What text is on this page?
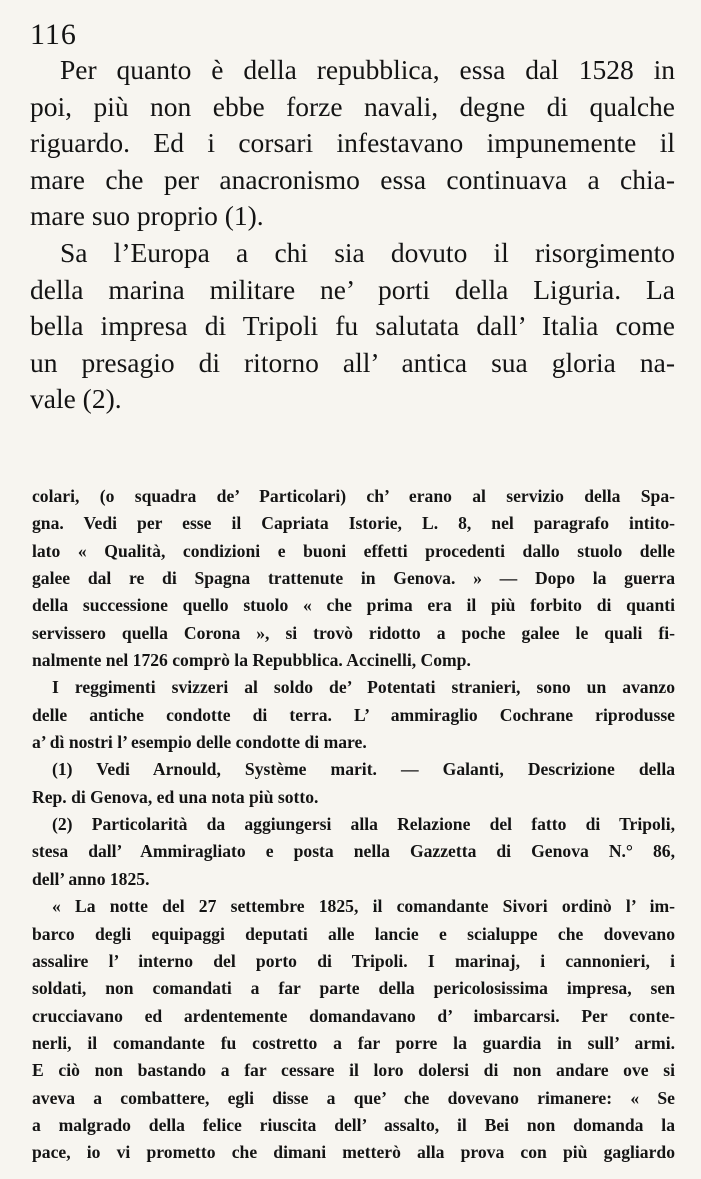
116
Per quanto è della repubblica, essa dal 1528 in
poi, più non ebbe forze navali, degne di qualche
riguardo. Ed i corsari infestavano impunemente il
mare che per anacronismo essa continuava a chia-
mare suo proprio (1).
Sa l’Europa a chi sia dovuto il risorgimento
della marina militare ne’ porti della Liguria. La
bella impresa di Tripoli fu salutata dall’ Italia come
un presagio di ritorno all’ antica sua gloria na-
vale (2).
colari, (o squadra de’ Particolari) ch’ erano al servizio della Spa-
gna. Vedi per esse il Capriata Istorie, L. 8, nel paragrafo intito-
lato « Qualità, condizioni e buoni effetti procedenti dallo stuolo delle
galee dal re di Spagna trattenute in Genova. » — Dopo la guerra
della successione quello stuolo « che prima era il più forbito di quanti
servissero quella Corona », si trovò ridotto a poche galee le quali fi-
nalmente nel 1726 comprò la Repubblica. Accinelli, Comp.
I reggimenti svizzeri al soldo de’ Potentati stranieri, sono un avanzo
delle antiche condotte di terra. L’ ammiraglio Cochrane riprodusse
a’ dì nostri l’ esempio delle condotte di mare.
(1) Vedi Arnould, Système marit. — Galanti, Descrizione della
Rep. di Genova, ed una nota più sotto.
(2) Particolarità da aggiungersi alla Relazione del fatto di Tripoli,
stesa dall’ Ammiragliato e posta nella Gazzetta di Genova N.° 86,
dell’ anno 1825.
« La notte del 27 settembre 1825, il comandante Sivori ordinò l’ im-
barco degli equipaggi deputati alle lancie e scialuppe che dovevano
assalire l’ interno del porto di Tripoli. I marinaj, i cannonieri, i
soldati, non comandati a far parte della pericolosissima impresa, sen
crucciavano ed ardentemente domandavano d’ imbarcarsi. Per conte-
nerli, il comandante fu costretto a far porre la guardia in sull’ armi.
E ciò non bastando a far cessare il loro dolersi di non andare ove si
aveva a combattere, egli disse a que’ che dovevano rimanere: « Se
a malgrado della felice riuscita dell’ assalto, il Bei non domanda la
pace, io vi prometto che dimani metterò alla prova con più gagliardo
